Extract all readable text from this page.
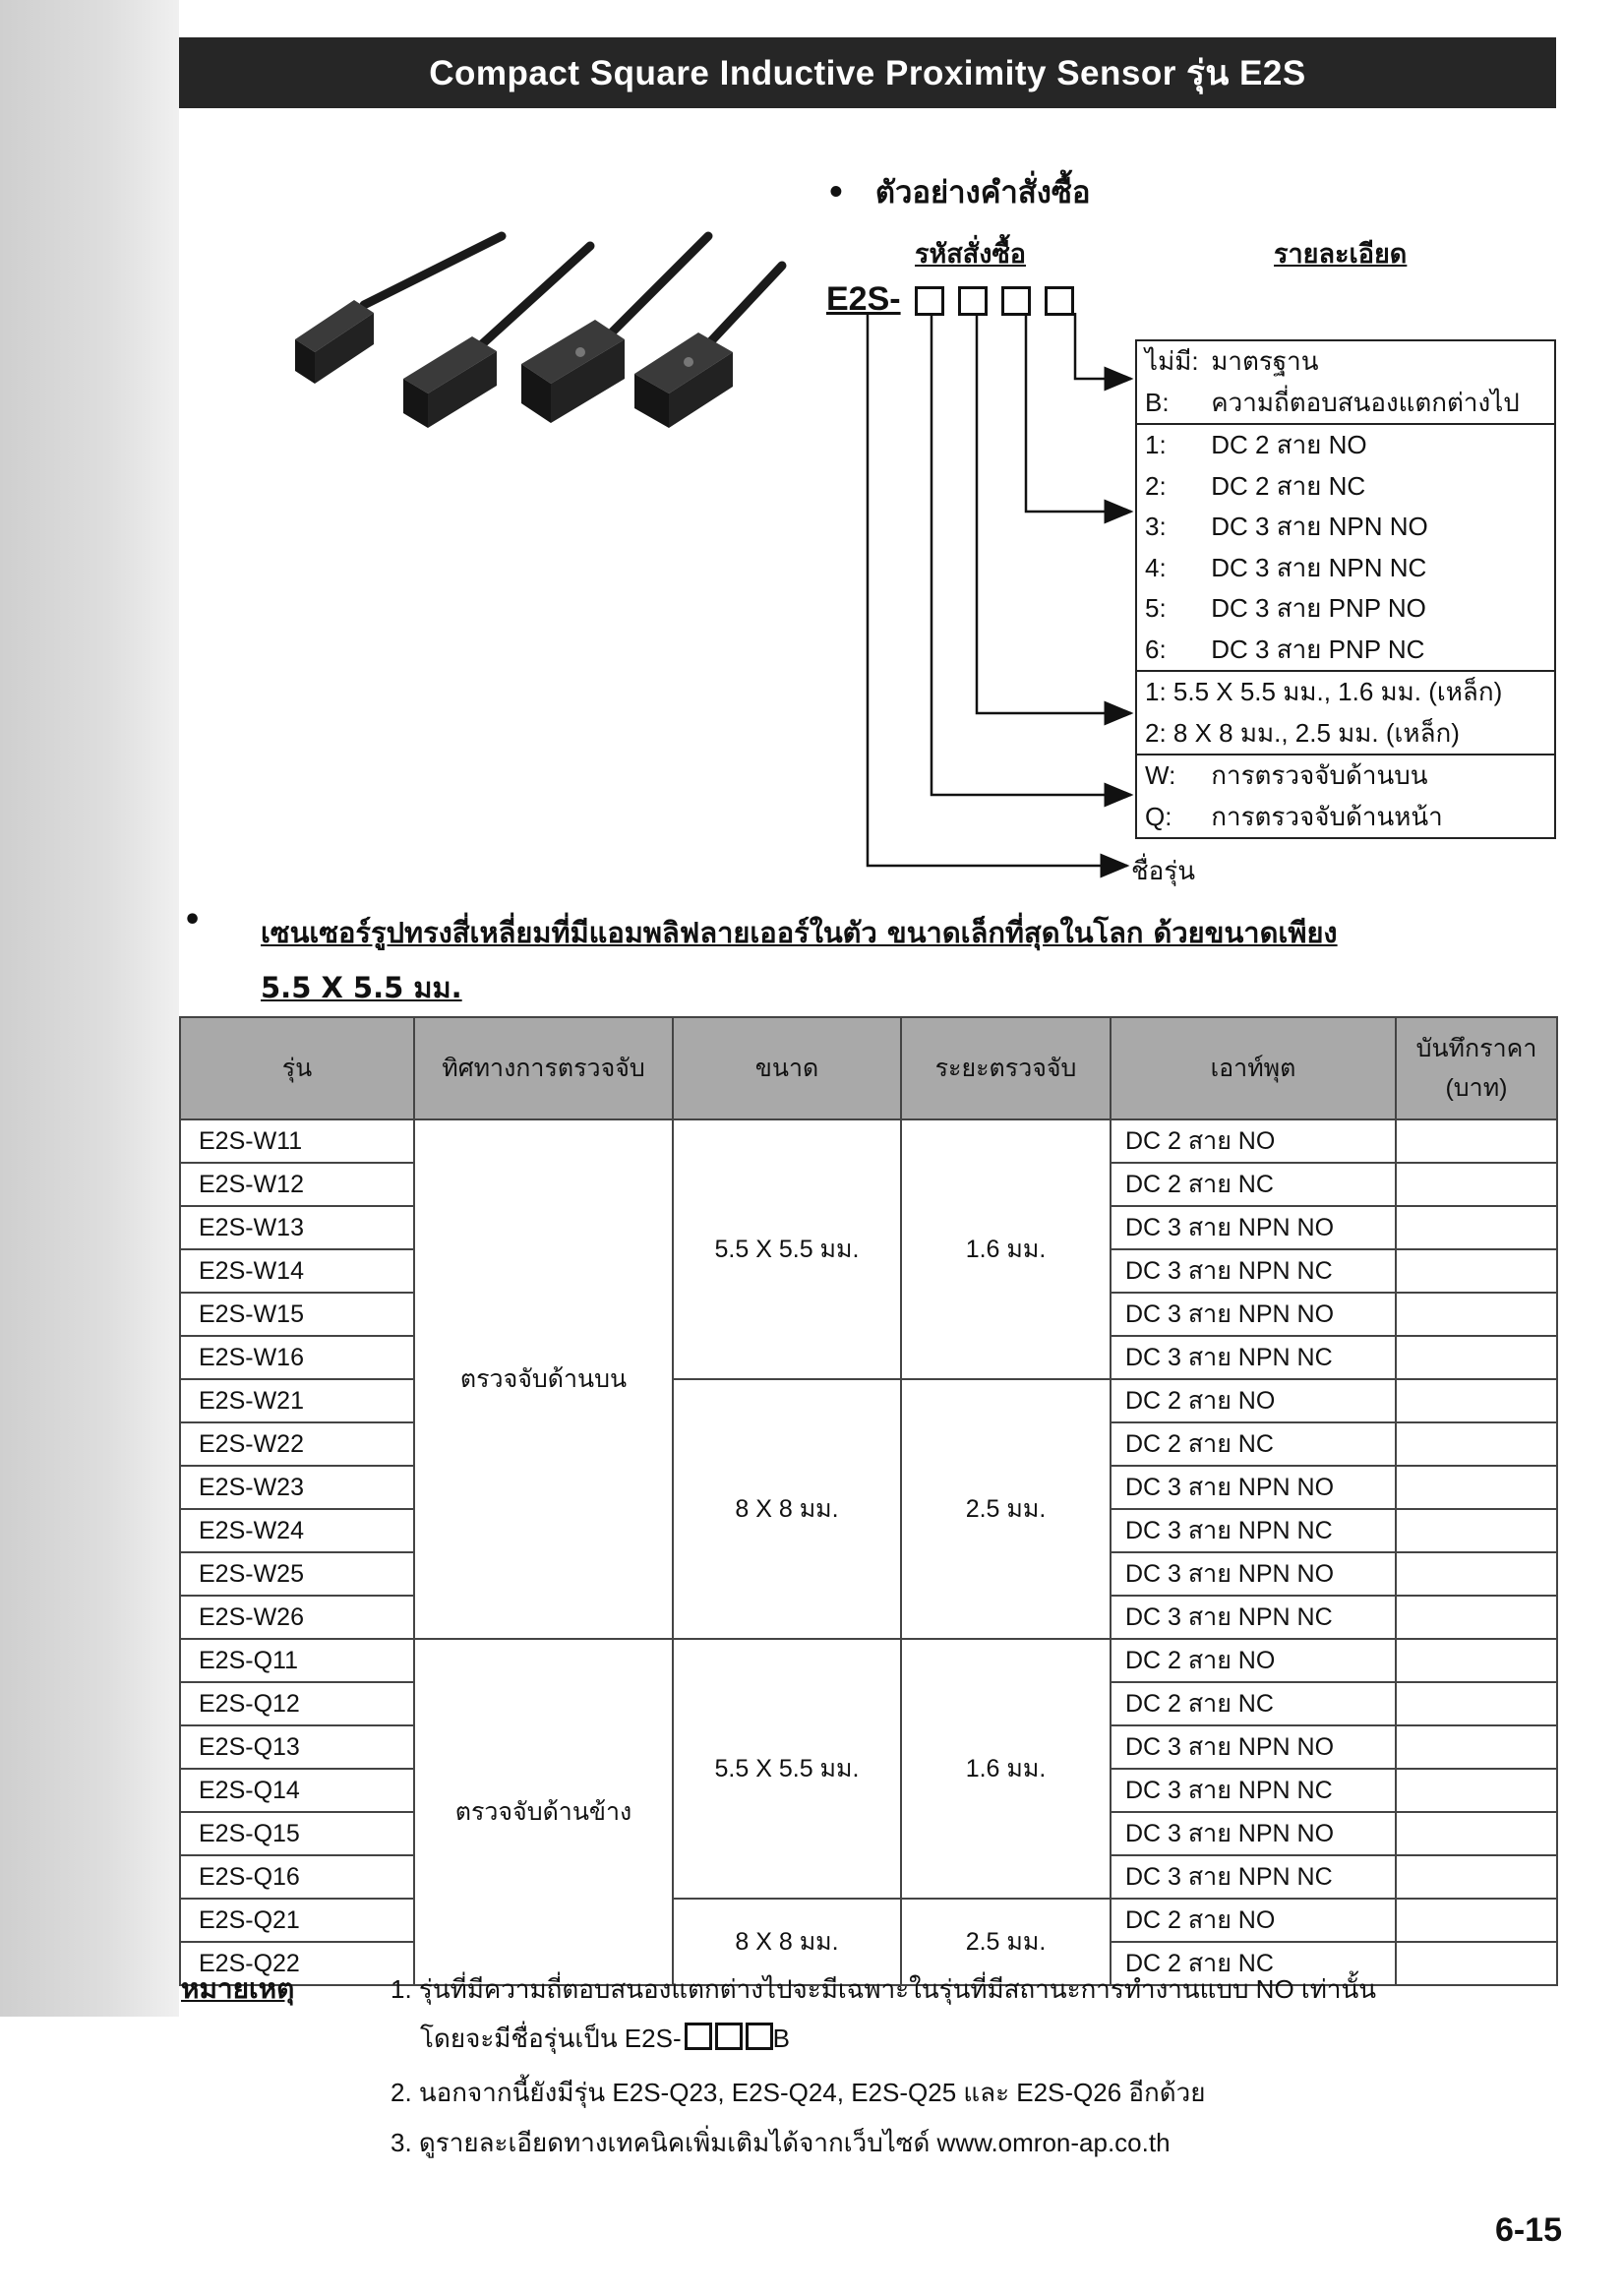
Compact Square Inductive Proximity Sensor รุ่น E2S
• ตัวอย่างคำสั่งซื้อ
รหัสสั่งซื้อ	รายละเอียด
E2S-
ไม่มี: มาตรฐาน
B: ความถี่ตอบสนองแตกต่างไป
1: DC 2 สาย NO
2: DC 2 สาย NC
3: DC 3 สาย NPN NO
4: DC 3 สาย NPN NC
5: DC 3 สาย PNP NO
6: DC 3 สาย PNP NC
1: 5.5 X 5.5 มม., 1.6 มม. (เหล็ก)
2: 8 X 8 มม., 2.5 มม. (เหล็ก)
W: การตรวจจับด้านบน
Q: การตรวจจับด้านหน้า
ชื่อรุ่น
• เซนเซอร์รูปทรงสี่เหลี่ยมที่มีแอมพลิฟลายเออร์ในตัว ขนาดเล็กที่สุดในโลก ด้วยขนาดเพียง
5.5 X 5.5 มม.
รุ่น	ทิศทางการตรวจจับ	ขนาด	ระยะตรวจจับ	เอาท์พุต	บันทึกราคา
(บาท)
E2S-W11	ตรวจจับด้านบน	5.5 X 5.5 มม.	1.6 มม.	DC 2 สาย NO	
E2S-W12				DC 2 สาย NC	
E2S-W13				DC 3 สาย NPN NO	
E2S-W14				DC 3 สาย NPN NC	
E2S-W15				DC 3 สาย NPN NO	
E2S-W16				DC 3 สาย NPN NC	
E2S-W21		8 X 8 มม.	2.5 มม.	DC 2 สาย NO	
E2S-W22				DC 2 สาย NC	
E2S-W23				DC 3 สาย NPN NO	
E2S-W24				DC 3 สาย NPN NC	
E2S-W25				DC 3 สาย NPN NO	
E2S-W26				DC 3 สาย NPN NC	
E2S-Q11	ตรวจจับด้านข้าง	5.5 X 5.5 มม.	1.6 มม.	DC 2 สาย NO	
E2S-Q12				DC 2 สาย NC	
E2S-Q13				DC 3 สาย NPN NO	
E2S-Q14				DC 3 สาย NPN NC	
E2S-Q15				DC 3 สาย NPN NO	
E2S-Q16				DC 3 สาย NPN NC	
E2S-Q21		8 X 8 มม.	2.5 มม.	DC 2 สาย NO	
E2S-Q22				DC 2 สาย NC	
หมายเหตุ	1. รุ่นที่มีความถี่ตอบสนองแตกต่างไปจะมีเฉพาะในรุ่นที่มีสถานะการทำงานแบบ NO เท่านั้น
โดยจะมีชื่อรุ่นเป็น E2S-	B
2. นอกจากนี้ยังมีรุ่น E2S-Q23, E2S-Q24, E2S-Q25 และ E2S-Q26 อีกด้วย
3. ดูรายละเอียดทางเทคนิคเพิ่มเติมได้จากเว็บไซด์ www.omron-ap.co.th
6-15
